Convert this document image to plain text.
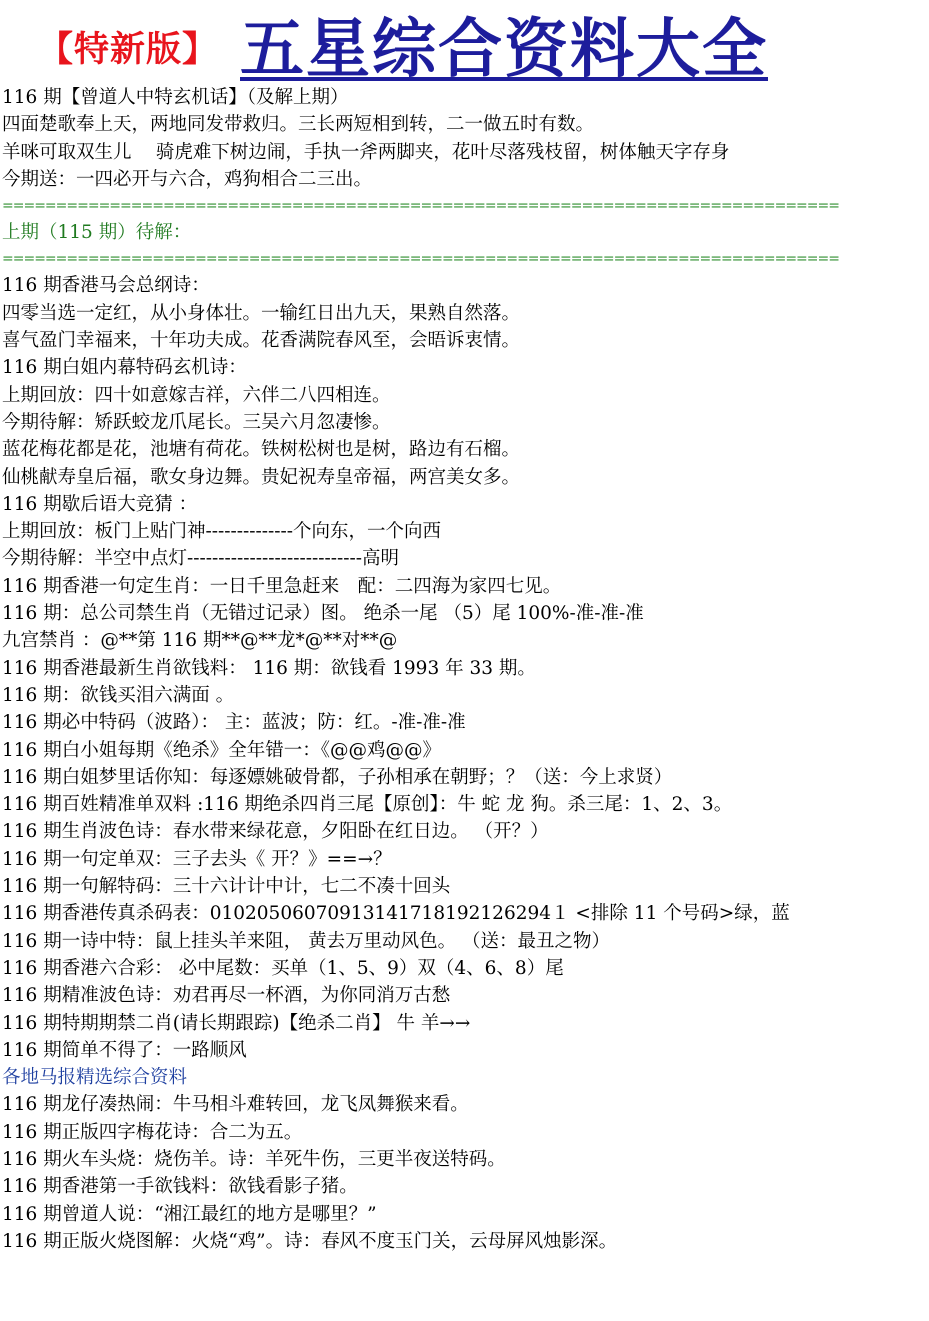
【特新版】 五星综合资料大全
116 期【曾道人中特玄机话】（及解上期）
四面楚歌奉上天，两地同发带救归。三长两短相到转，二一做五时有数。
羊咪可取双生儿　 骑虎难下树边闹，手执一斧两脚夹，花叶尽落残枝留，树体触天字存身
今期送：一四必开与六合，鸡狗相合二三出。
==============================================================================
上期（115 期）待解：
==============================================================================
116 期香港马会总纲诗：
四零当选一定红，从小身体壮。一输红日出九天，果熟自然落。
喜气盈门幸福来，十年功夫成。花香满院春风至，会晤诉衷情。
116 期白姐内幕特码玄机诗：
上期回放：四十如意嫁吉祥，六伴二八四相连。
今期待解：矫跃蛟龙爪尾长。三吴六月忽凄惨。
蓝花梅花都是花，池塘有荷花。铁树松树也是树，路边有石榴。
仙桃献寿皇后福，歌女身边舞。贵妃祝寿皇帝福，两宫美女多。
116 期歇后语大竞猜 ：
上期回放：板门上贴门神--------------个向东，一个向西
今期待解：半空中点灯----------------------------高明
116 期香港一句定生肖：一日千里急赶来　配：二四海为家四七见。
116 期：总公司禁生肖（无错过记录）图。 绝杀一尾 （5）尾 100%-准-准-准
九宫禁肖 ：@**第 116 期**@**龙*@**对**@
116 期香港最新生肖欲钱料： 116 期：欲钱看 1993 年 33 期。
116 期：欲钱买泪六满面 。
116 期必中特码（波路）： 主：蓝波；防：红。-准-准-准
116 期白小姐每期《绝杀》全年错一：《@@鸡@@》
116 期白姐梦里话你知：每逐嫖姚破骨都，子孙相承在朝野；？（送：今上求贤）
116 期百姓精准单双料 :116 期绝杀四肖三尾【原创】：牛 蛇 龙 狗。杀三尾：1、2、3。
116 期生肖波色诗：春水带来绿花意，夕阳卧在红日边。 （开？）
116 期一句定单双：三子去头《 开？》==→？
116 期一句解特码：三十六计计中计，七二不凑十回头
116 期香港传真杀码表：01020506070913141718192126294１ <排除 11 个号码>绿，蓝
116 期一诗中特：鼠上挂头羊来阻， 黄去万里动风色。 （送：最丑之物）
116 期香港六合彩： 必中尾数：买单（1、5、9）双（4、6、8）尾
116 期精准波色诗：劝君再尽一杯酒，为你同消万古愁
116 期特期期禁二肖(请长期跟踪)【绝杀二肖】 牛 羊→→
116 期简单不得了：一路顺风
各地马报精选综合资料
116 期龙仔凑热闹：牛马相斗难转回，龙飞凤舞猴来看。
116 期正版四字梅花诗：合二为五。
116 期火车头烧：烧伤羊。诗：羊死牛伤，三更半夜送特码。
116 期香港第一手欲钱料：欲钱看影子猪。
116 期曾道人说：“湘江最红的地方是哪里？”
116 期正版火烧图解：火烧“鸡”。诗：春风不度玉门关，云母屏风烛影深。
